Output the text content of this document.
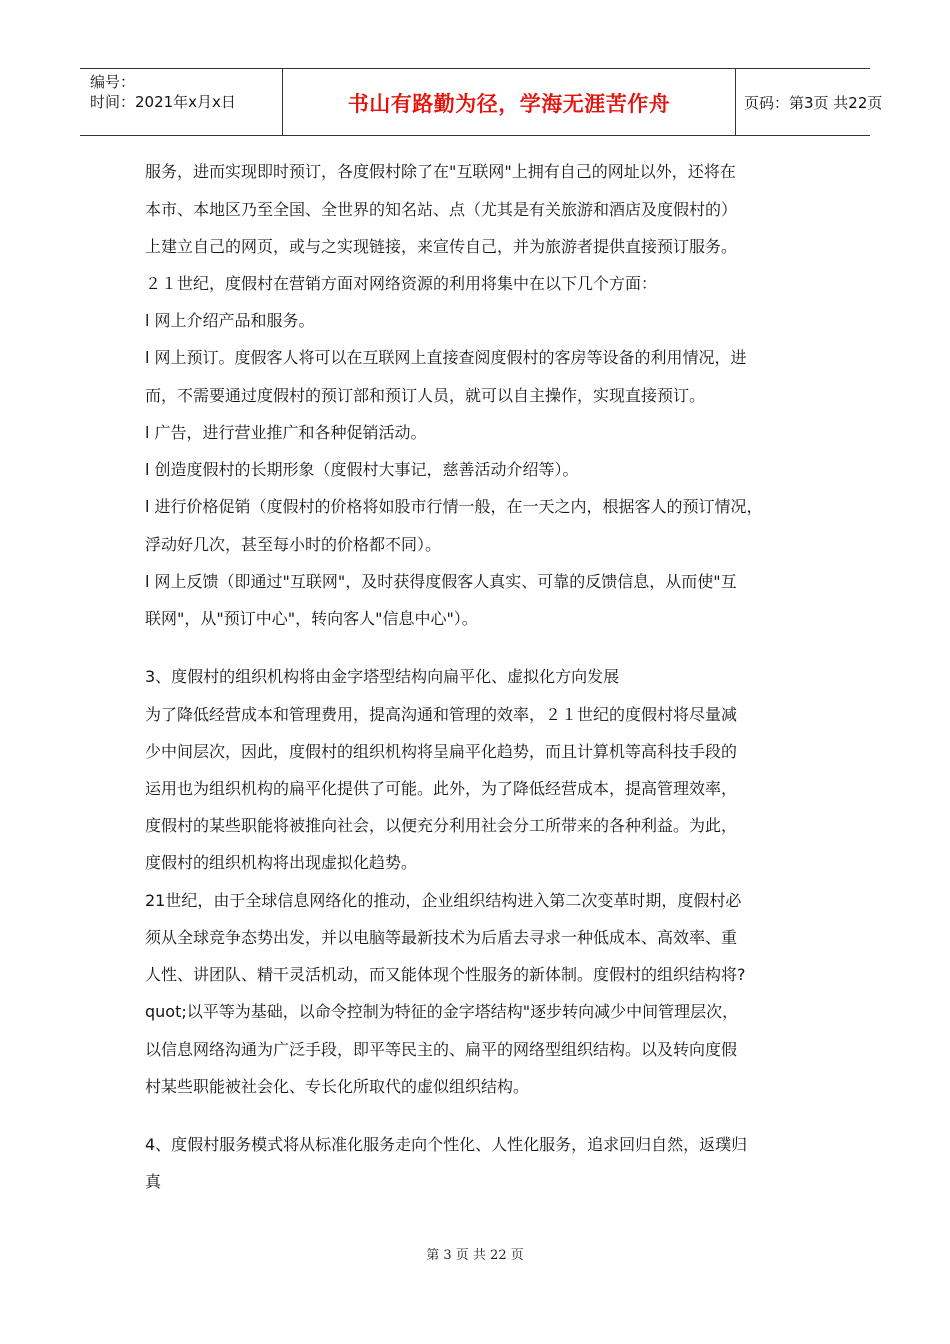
编号：
时间：2021年x月x日	书山有路勤为径，学海无涯苦作舟	页码：第3页 共22页
服务，进而实现即时预订，各度假村除了在"互联网"上拥有自己的网址以外，还将在
本市、本地区乃至全国、全世界的知名站、点（尤其是有关旅游和酒店及度假村的）
上建立自己的网页，或与之实现链接，来宣传自己，并为旅游者提供直接预订服务。
２１世纪，度假村在营销方面对网络资源的利用将集中在以下几个方面：
l 网上介绍产品和服务。
l 网上预订。度假客人将可以在互联网上直接查阅度假村的客房等设备的利用情况，进
而，不需要通过度假村的预订部和预订人员，就可以自主操作，实现直接预订。
l 广告，进行营业推广和各种促销活动。
l 创造度假村的长期形象（度假村大事记，慈善活动介绍等）。
l 进行价格促销（度假村的价格将如股市行情一般，在一天之内，根据客人的预订情况，
浮动好几次，甚至每小时的价格都不同）。
l 网上反馈（即通过"互联网"，及时获得度假客人真实、可靠的反馈信息，从而使"互
联网"，从"预订中心"，转向客人"信息中心"）。
3、度假村的组织机构将由金字塔型结构向扁平化、虚拟化方向发展
为了降低经营成本和管理费用，提高沟通和管理的效率，２１世纪的度假村将尽量减
少中间层次，因此，度假村的组织机构将呈扁平化趋势，而且计算机等高科技手段的
运用也为组织机构的扁平化提供了可能。此外，为了降低经营成本，提高管理效率，
度假村的某些职能将被推向社会，以便充分利用社会分工所带来的各种利益。为此，
度假村的组织机构将出现虚拟化趋势。
21世纪，由于全球信息网络化的推动，企业组织结构进入第二次变革时期，度假村必
须从全球竞争态势出发，并以电脑等最新技术为后盾去寻求一种低成本、高效率、重
人性、讲团队、精干灵活机动，而又能体现个性服务的新体制。度假村的组织结构将?
quot;以平等为基础，以命令控制为特征的金字塔结构"逐步转向减少中间管理层次，
以信息网络沟通为广泛手段，即平等民主的、扁平的网络型组织结构。以及转向度假
村某些职能被社会化、专长化所取代的虚似组织结构。
4、度假村服务模式将从标准化服务走向个性化、人性化服务，追求回归自然，返璞归
真
第 3 页 共 22 页
